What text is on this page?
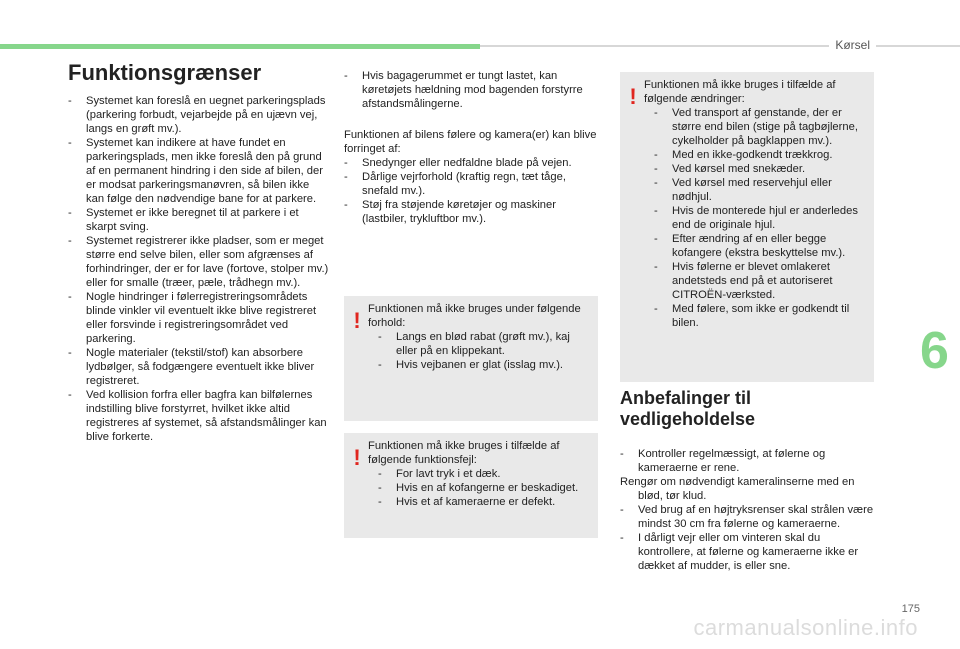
Kørsel
6
Funktionsgrænser
- Systemet kan foreslå en uegnet parkeringsplads (parkering forbudt, vejarbejde på en ujævn vej, langs en grøft mv.).
- Systemet kan indikere at have fundet en parkeringsplads, men ikke foreslå den på grund af en permanent hindring i den side af bilen, der er modsat parkeringsmanøvren, så bilen ikke kan følge den nødvendige bane for at parkere.
- Systemet er ikke beregnet til at parkere i et skarpt sving.
- Systemet registrerer ikke pladser, som er meget større end selve bilen, eller som afgrænses af forhindringer, der er for lave (fortove, stolper mv.) eller for smalle (træer, pæle, trådhegn mv.).
- Nogle hindringer i følerregistreringsområdets blinde vinkler vil eventuelt ikke blive registreret eller forsvinde i registreringsområdet ved parkering.
- Nogle materialer (tekstil/stof) kan absorbere lydbølger, så fodgængere eventuelt ikke bliver registreret.
- Ved kollision forfra eller bagfra kan bilfølernes indstilling blive forstyrret, hvilket ikke altid registreres af systemet, så afstandsmålinger kan blive forkerte.
- Hvis bagagerummet er tungt lastet, kan køretøjets hældning mod bagenden forstyrre afstandsmålingerne.

Funktionen af bilens følere og kamera(er) kan blive forringet af:

- Snedynger eller nedfaldne blade på vejen.
- Dårlige vejrforhold (kraftig regn, tæt tåge, snefald mv.).
- Støj fra støjende køretøjer og maskiner (lastbiler, trykluftbor mv.).
! Funktionen må ikke bruges under følgende forhold:

- Langs en blød rabat (grøft mv.), kaj eller på en klippekant.
- Hvis vejbanen er glat (isslag mv.).
! Funktionen må ikke bruges i tilfælde af følgende funktionsfejl:

- For lavt tryk i et dæk.
- Hvis en af kofangerne er beskadiget.
- Hvis et af kameraerne er defekt.
! Funktionen må ikke bruges i tilfælde af følgende ændringer:

- Ved transport af genstande, der er større end bilen (stige på tagbøjlerne, cykelholder på bagklappen mv.).
- Med en ikke-godkendt trækkrog.
- Ved kørsel med snekæder.
- Ved kørsel med reservehjul eller nødhjul.
- Hvis de monterede hjul er anderledes end de originale hjul.
- Efter ændring af en eller begge kofangere (ekstra beskyttelse mv.).
- Hvis følerne er blevet omlakeret andetsteds end på et autoriseret CITROËN-værksted.
- Med følere, som ikke er godkendt til bilen.
Anbefalinger til
vedligeholdelse
- Kontroller regelmæssigt, at følerne og kameraerne er rene.
Rengør om nødvendigt kameralinserne med en
blød, tør klud.
- Ved brug af en højtryksrenser skal strålen være mindst 30 cm fra følerne og kameraerne.
- I dårligt vejr eller om vinteren skal du kontrollere, at følerne og kameraerne ikke er dækket af mudder, is eller sne.
175
carmanualsonline.info
